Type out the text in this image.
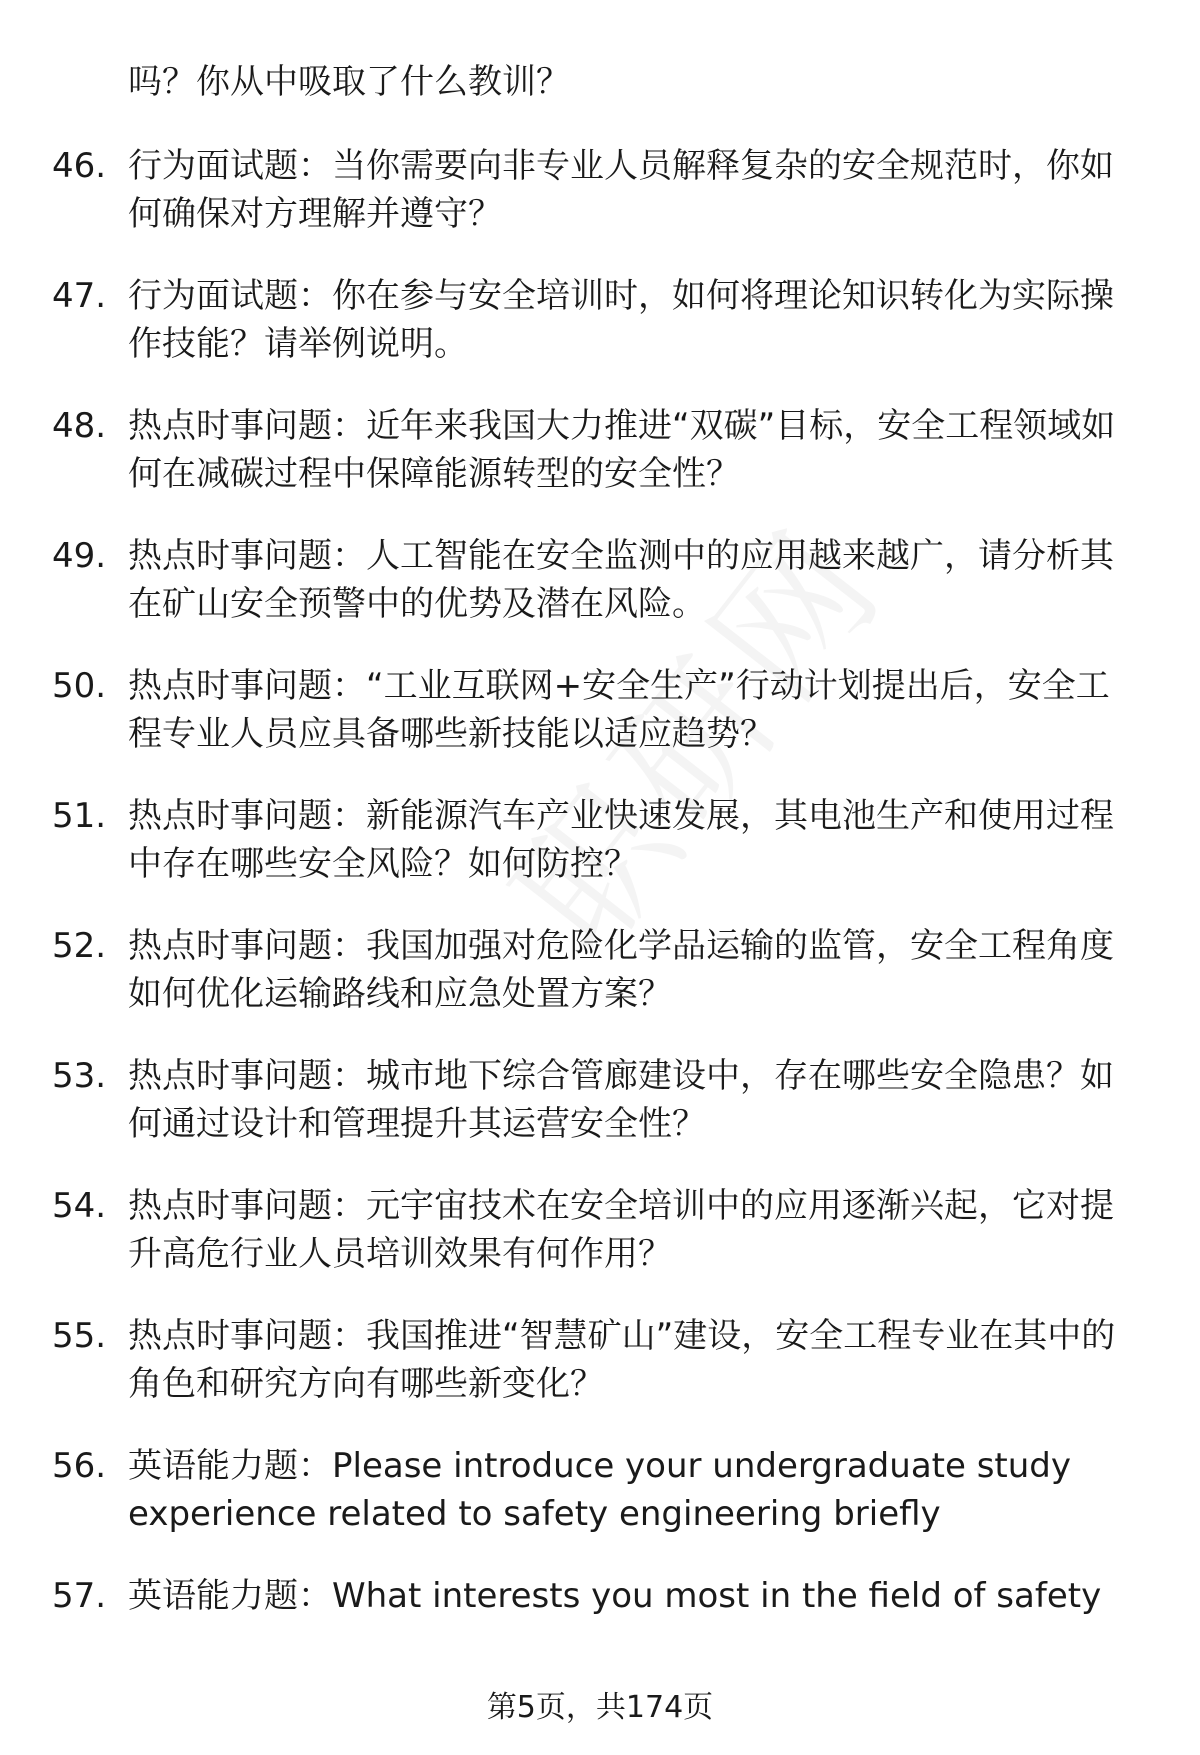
吗？你从中吸取了什么教训？
46. 行为面试题：当你需要向非专业人员解释复杂的安全规范时，你如何确保对方理解并遵守？
47. 行为面试题：你在参与安全培训时，如何将理论知识转化为实际操作技能？请举例说明。
48. 热点时事问题：近年来我国大力推进“双碳”目标，安全工程领域如何在减碳过程中保障能源转型的安全性？
49. 热点时事问题：人工智能在安全监测中的应用越来越广，请分析其在矿山安全预警中的优势及潜在风险。
50. 热点时事问题：“工业互联网+安全生产”行动计划提出后，安全工程专业人员应具备哪些新技能以适应趋势？
51. 热点时事问题：新能源汽车产业快速发展，其电池生产和使用过程中存在哪些安全风险？如何防控？
52. 热点时事问题：我国加强对危险化学品运输的监管，安全工程角度如何优化运输路线和应急处置方案？
53. 热点时事问题：城市地下综合管廊建设中，存在哪些安全隐患？如何通过设计和管理提升其运营安全性？
54. 热点时事问题：元宇宙技术在安全培训中的应用逐渐兴起，它对提升高危行业人员培训效果有何作用？
55. 热点时事问题：我国推进“智慧矿山”建设，安全工程专业在其中的角色和研究方向有哪些新变化？
56. 英语能力题：Please introduce your undergraduate study experience related to safety engineering briefly
57. 英语能力题：What interests you most in the field of safety
第5页，共174页
